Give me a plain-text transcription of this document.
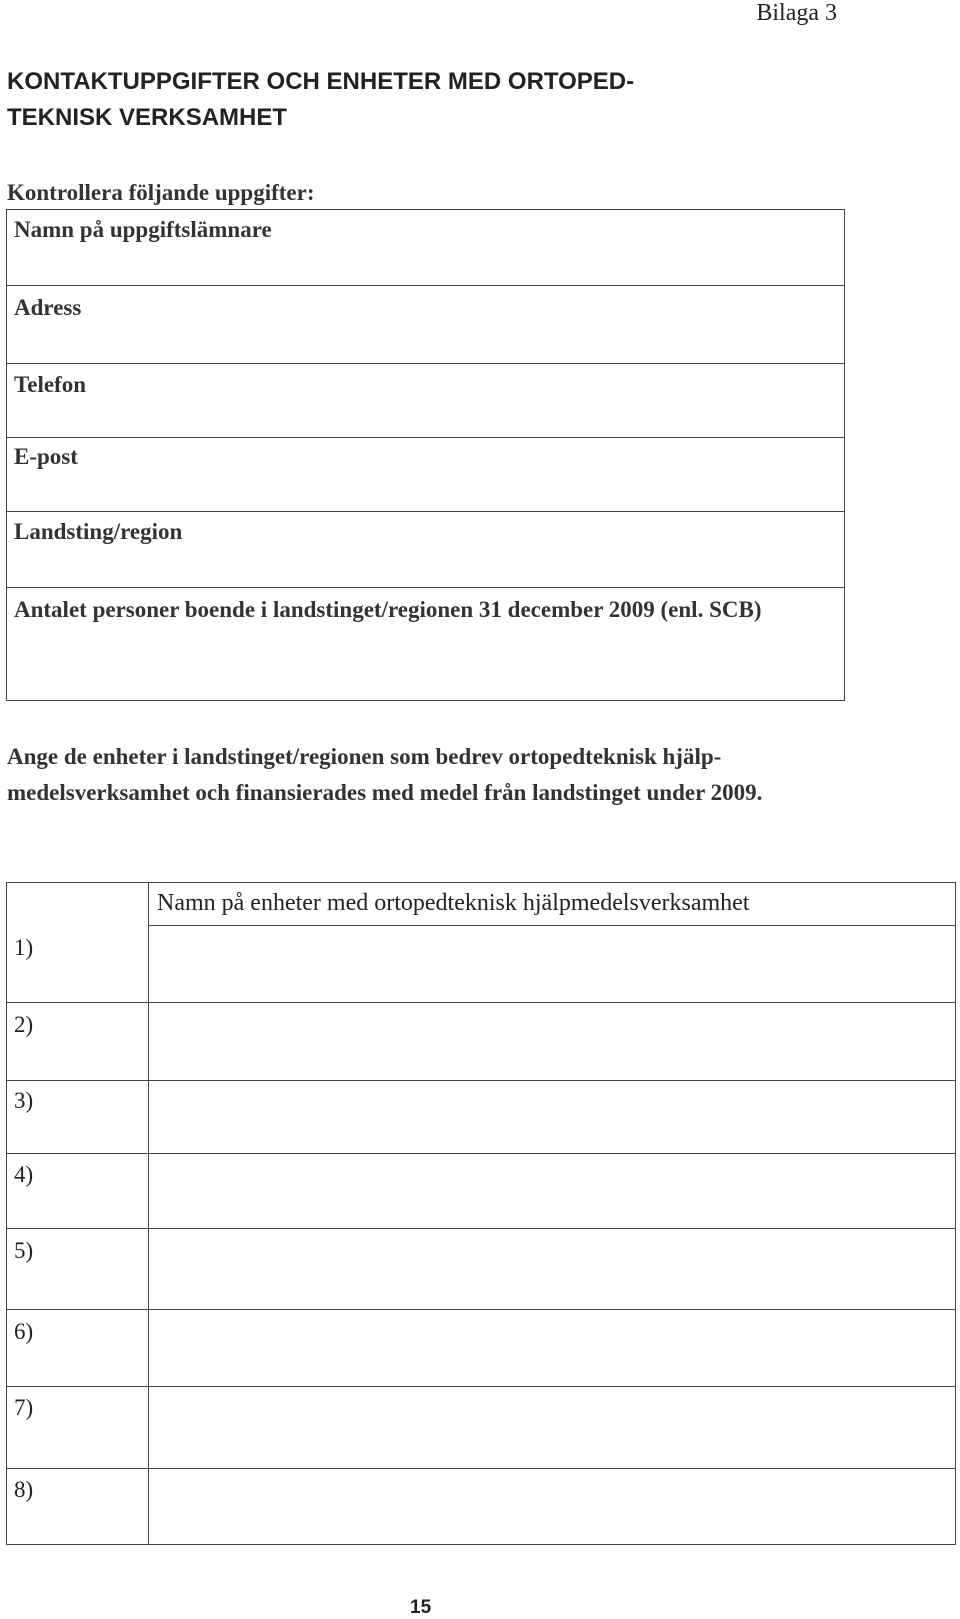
Bilaga 3
KONTAKTUPPGIFTER OCH ENHETER MED ORTOPED-
TEKNISK VERKSAMHET
Kontrollera följande uppgifter:
Namn på uppgiftslämnare
Adress
Telefon
E-post
Landsting/region
Antalet personer boende i landstinget/regionen 31 december 2009 (enl. SCB)
Ange de enheter i landstinget/regionen som bedrev ortopedteknisk hjälp-medelsverksamhet och finansierades med medel från landstinget under 2009.
Namn på enheter med ortopedteknisk hjälpmedelsverksamhet
1)
2)
3)
4)
5)
6)
7)
8)
15
